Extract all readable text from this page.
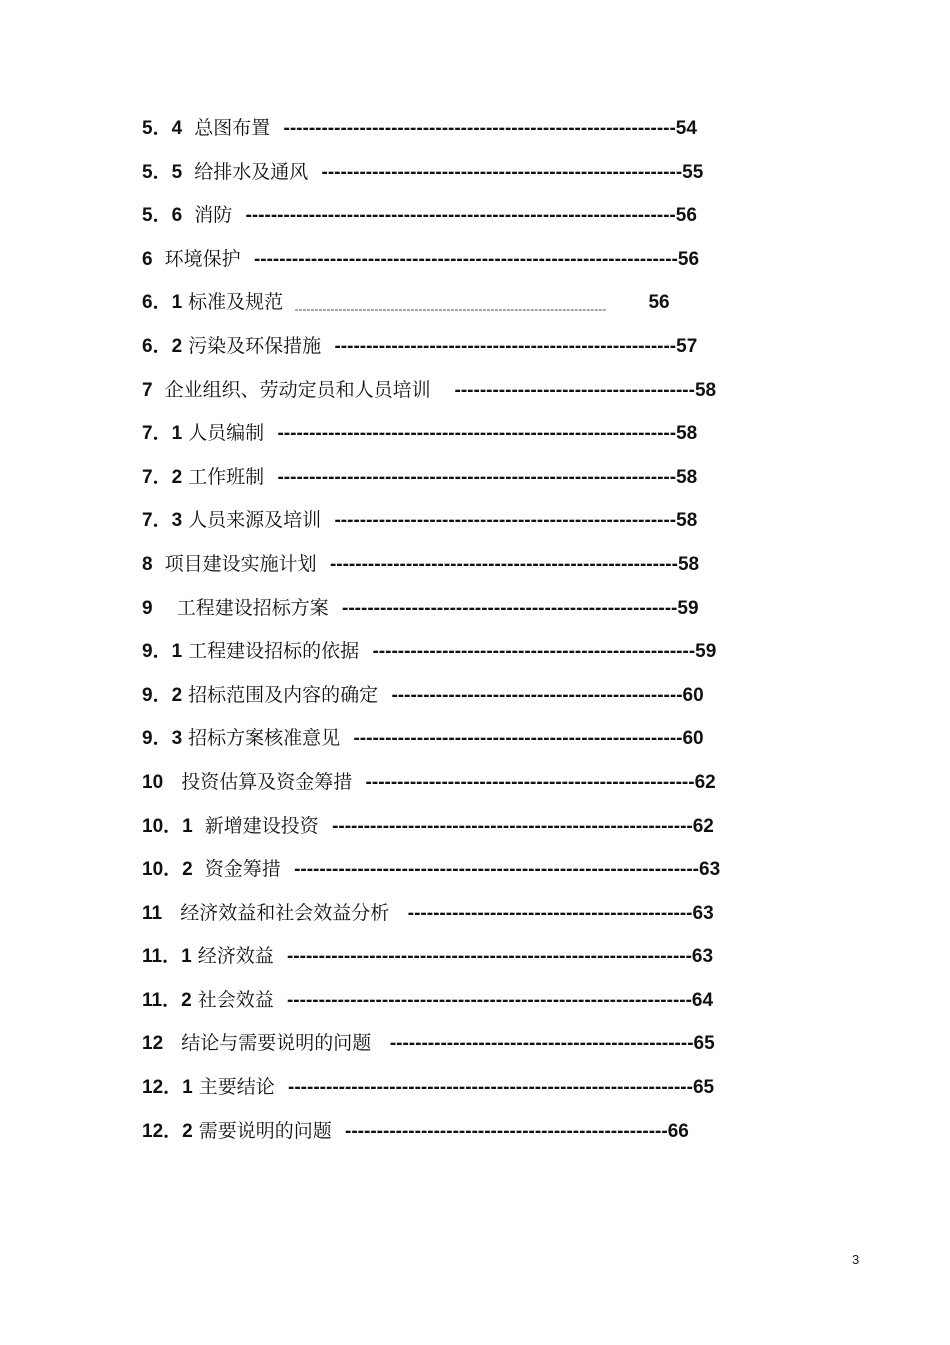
5．4 总图布置 -------------------------------------------------------------- 54
5．5 给排水及通风 --------------------------------------------------------- 55
5．6 消防 -------------------------------------------------------------------- 56
6 环境保护 ------------------------------------------------------------------- 56
6．1 标准及规范 ------------------------------------------------------------------------------ 56
6．2 污染及环保措施 ------------------------------------------------------ 57
7 企业组织、劳动定员和人员培训 -------------------------------------- 58
7．1 人员编制 --------------------------------------------------------------- 58
7．2 工作班制 --------------------------------------------------------------- 58
7．3 人员来源及培训 ------------------------------------------------------ 58
8 项目建设实施计划 ------------------------------------------------------- 58
9 工程建设招标方案 ----------------------------------------------------- 59
9．1 工程建设招标的依据 --------------------------------------------------- 59
9．2 招标范围及内容的确定 ---------------------------------------------- 60
9．3 招标方案核准意见 ---------------------------------------------------- 60
10 投资估算及资金筹措 ---------------------------------------------------- 62
10．1 新增建设投资 --------------------------------------------------------- 62
10．2 资金筹措 ---------------------------------------------------------------- 63
11 经济效益和社会效益分析 --------------------------------------------- 63
11．1 经济效益 ---------------------------------------------------------------- 63
11．2 社会效益 ---------------------------------------------------------------- 64
12 结论与需要说明的问题 ------------------------------------------------ 65
12．1 主要结论 ---------------------------------------------------------------- 65
12．2 需要说明的问题 --------------------------------------------------- 66
3
